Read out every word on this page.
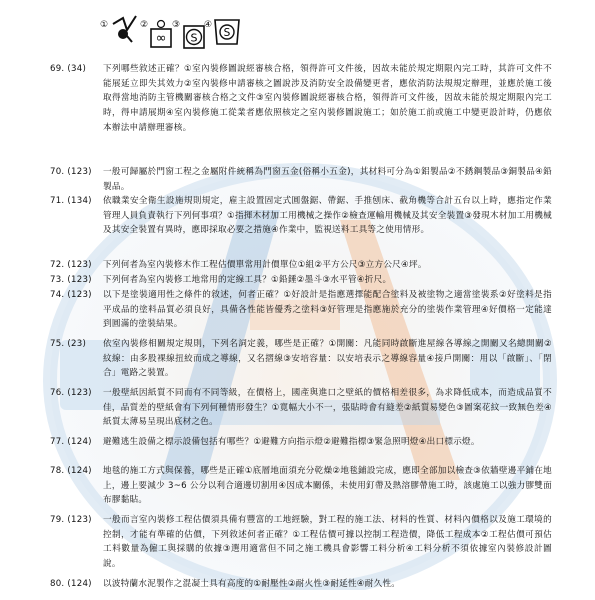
①	②
∞
③
S
④
S
69. (34)	下列哪些敘述正確？①室內裝修圖說經審核合格，領得許可文件後，因故未能於規定期限內完工時，其許可文件不能展延立即失其效力②室內裝修申請審核之圖說涉及消防安全設備變更者，應依消防法規規定辦理，並應於施工後取得當地消防主管機關審核合格之文件③室內裝修圖說經審核合格，領得許可文件後，因故未能於規定期限內完工時，得申請展期④室內裝修施工從業者應依照核定之室內裝修圖說施工；如於施工前或施工中變更設計時，仍應依本辦法申請辦理審核。
70. (123)	一般可歸屬於門窗工程之金屬附件統稱為門窗五金(俗稱小五金)，其材料可分為①鋁製品②不銹鋼製品③銅製品④鉛製品。
71. (134)	依職業安全衛生設施規則規定，雇主設置固定式圓盤鋸、帶鋸、手推刨床、截角機等合計五台以上時，應指定作業管理人員負責執行下列何事項？①指揮木材加工用機械之操作②檢查運輸用機械及其安全裝置③發現木材加工用機械及其安全裝置有異時，應即採取必要之措施④作業中，監視送料工具等之使用情形。
72. (123)	下列何者為室內裝修木作工程估價單常用計價單位①組②平方公尺③立方公尺④坪。
73. (123)	下列何者為室內裝修工地常用的定線工具？①鉛錘②墨斗③水平管④折尺。
74. (123)	以下是塗裝適用性之條件的敘述，何者正確？①好設計是指應選擇能配合塗料及被塗物之適當塗裝系②好塗料是指平成品的塗料品質必須良好，具備各性能皆優秀之塗料③好管理是指應施於充分的塗裝作業管理④好價格一定能達到圓滿的塗裝結果。
75. (23)	依室內裝修相關規定規則，下列名詞定義，哪些是正確？①開關：凡能同時啟斷進屋線各導線之開關又名總開關②紋線：由多股裸線扭絞而成之導線，又名摺線③安培容量：以安培表示之導線容量④接戶開關：用以「啟斷」、「閉合」電路之裝置。
76. (123)	一般壁紙因紙質不同而有不同等級，在價格上，國產與進口之壁紙的價格相差很多，為求降低成本，而造成品質不佳，品質差的壁紙會有下列何種情形發生？①寬幅大小不一，張貼時會有縫差②紙質易變色③圖案花紋一致無色差④紙質太薄易呈現出底材之色。
77. (124)	避難逃生設備之標示設備包括有哪些？①避難方向指示燈②避難指標③緊急照明燈④出口標示燈。
78. (124)	地毯的施工方式與保養，哪些是正確①底層地面須充分乾燥②地毯鋪設完成，應即全部加以檢查③依牆壁邊平鋪在地上，邊上要減少 3~6 公分以利合適邊切割用④因成本關係，未使用釘帶及熱溶膠帶施工時，該處施工以強力膠雙面布膠黏貼。
79. (123)	一般而言室內裝修工程估價須具備有豐富的工地經驗，對工程的施工法、材料的性質、材料內價格以及施工環境的控制，才能有準確的估價，下列敘述何者正確？①工程估價可據以控制工程造價，降低工程成本②工程估價可預估工料數量為僱工與採購的依據③選用適當但不同之施工機具會影響工料分析④工料分析不須依據室內裝修設計圖說。
80. (124)	以波特蘭水泥製作之混凝土具有高度的①耐壓性②耐火性③耐延性④耐久性。
